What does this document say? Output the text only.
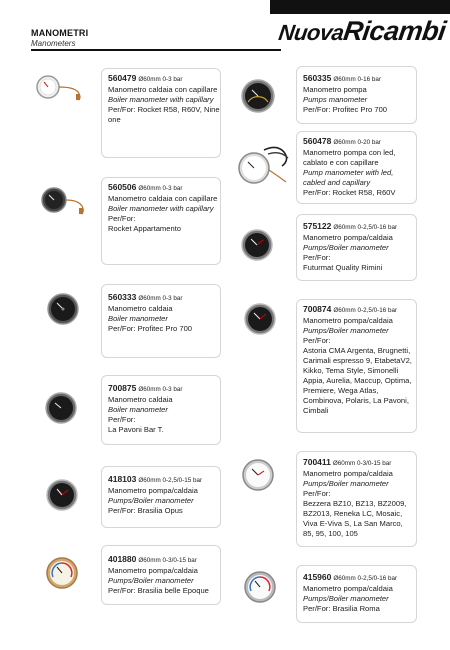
NuovaRicambi
MANOMETRI
Manometers
560479 Ø60mm 0-3 bar
Manometro caldaia con capillare
Boiler manometer with capillary
Per/For: Rocket R58, R60V, Nine one
560506 Ø60mm 0-3 bar
Manometro caldaia con capillare
Boiler manometer with capillary
Per/For:
Rocket Appartamento
560333 Ø60mm 0-3 bar
Manometro caldaia
Boiler manometer
Per/For: Profitec Pro 700
700875 Ø60mm 0-3 bar
Manometro caldaia
Boiler manometer
Per/For:
La Pavoni Bar T.
418103 Ø60mm 0-2,5/0-15 bar
Manometro pompa/caldaia
Pumps/Boiler manometer
Per/For: Brasilia Opus
401880 Ø60mm 0-3/0-15 bar
Manometro pompa/caldaia
Pumps/Boiler manometer
Per/For: Brasilia belle Epoque
560335 Ø60mm 0-16 bar
Manometro pompa
Pumps manometer
Per/For: Profitec Pro 700
560478 Ø60mm 0-20 bar
Manometro pompa con led, cablato e con capillare
Pump manometer with led, cabled and capillary
Per/For: Rocket R58, R60V
575122 Ø60mm 0-2,5/0-16 bar
Manometro pompa/caldaia
Pumps/Boiler manometer
Per/For:
Futurmat Quality Rimini
700874 Ø60mm 0-2,5/0-16 bar
Manometro pompa/caldaia
Pumps/Boiler manometer
Per/For:
Astoria CMA Argenta, Brugnetti, Carimali espresso 9, EtabetaV2, Kikko, Tema Style, Simonelli Appia, Aurelia, Maccup, Optima, Premiere, Wega Atlas, Combinova, Polaris, La Pavoni, Cimbali
700411 Ø60mm 0-3/0-15 bar
Manometro pompa/caldaia
Pumps/Boiler manometer
Per/For:
Bezzera BZ10, BZ13, BZ2009, BZ2013, Reneka LC, Mosaic, Viva E-Viva S, La San Marco, 85, 95, 100, 105
415960 Ø60mm 0-2,5/0-16 bar
Manometro pompa/caldaia
Pumps/Boiler manometer
Per/For: Brasilia Roma
